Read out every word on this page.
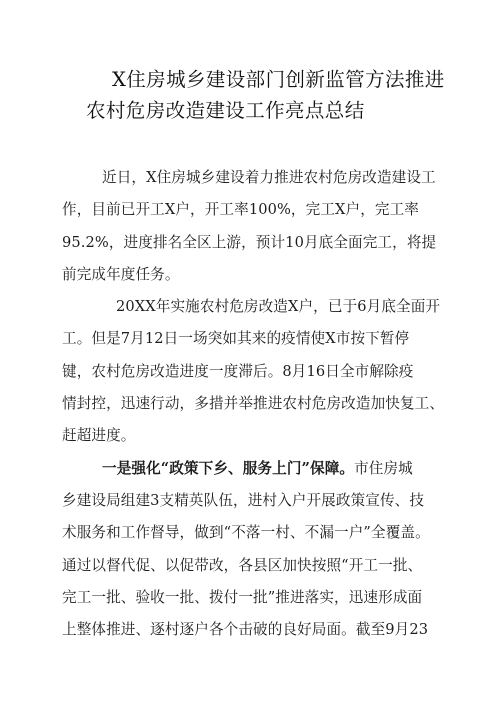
X住房城乡建设部门创新监管方法推进
农村危房改造建设工作亮点总结
近日，X住房城乡建设着力推进农村危房改造建设工
作，目前已开工X户，开工率100%，完工X户，完工率
95.2%，进度排名全区上游，预计10月底全面完工，将提
前完成年度任务。
20XX年实施农村危房改造X户，已于6月底全面开
工。但是7月12日一场突如其来的疫情使X市按下暂停
键，农村危房改造进度一度滞后。8月16日全市解除疫
情封控，迅速行动，多措并举推进农村危房改造加快复工、
赶超进度。
一是强化“政策下乡、服务上门”保障。市住房城
乡建设局组建3支精英队伍，进村入户开展政策宣传、技
术服务和工作督导，做到“不落一村、不漏一户”全覆盖。
通过以督代促、以促带改，各县区加快按照“开工一批、
完工一批、验收一批、拨付一批”推进落实，迅速形成面
上整体推进、逐村逐户各个击破的良好局面。截至9月23
